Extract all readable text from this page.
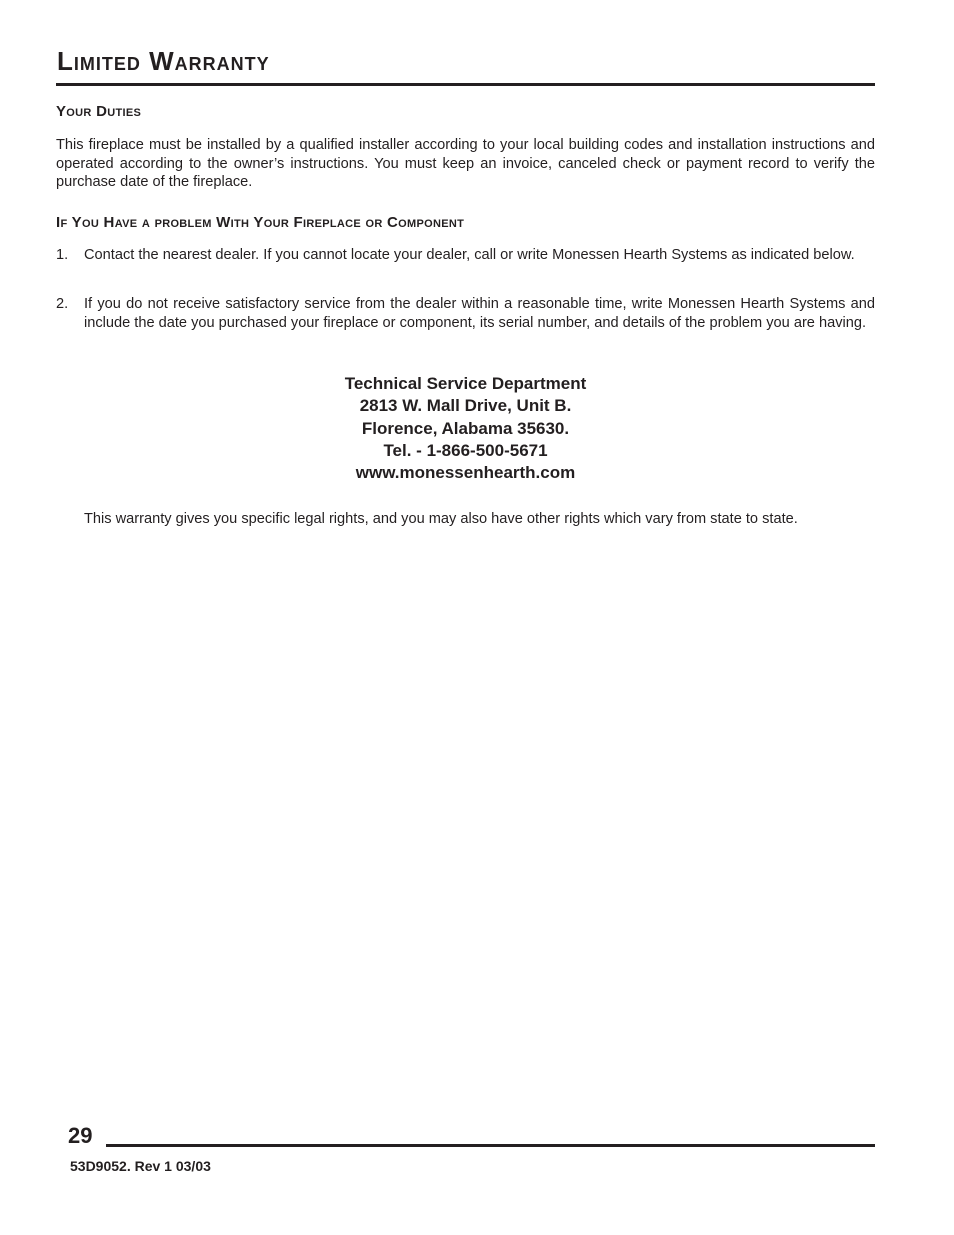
Limited Warranty
Your Duties

This fireplace must be installed by a qualified installer according to your local building codes and installation instructions and operated according to the owner’s instructions. You must keep an invoice, canceled check or payment record to verify the purchase date of the fireplace.

If You Have a problem With Your Fireplace or Component
1. Contact the nearest dealer. If you cannot locate your dealer, call or write Monessen Hearth Systems as indicated below.
2. If you do not receive satisfactory service from the dealer within a reasonable time, write Monessen Hearth Systems and include the date you purchased your fireplace or component, its serial number, and details of the problem you are having.
Technical Service Department
2813 W. Mall Drive, Unit B.
Florence, Alabama 35630.
Tel. - 1-866-500-5671
www.monessenhearth.com
This warranty gives you specific legal rights, and you may also have other rights which vary from state to state.
29
53D9052. Rev 1 03/03
